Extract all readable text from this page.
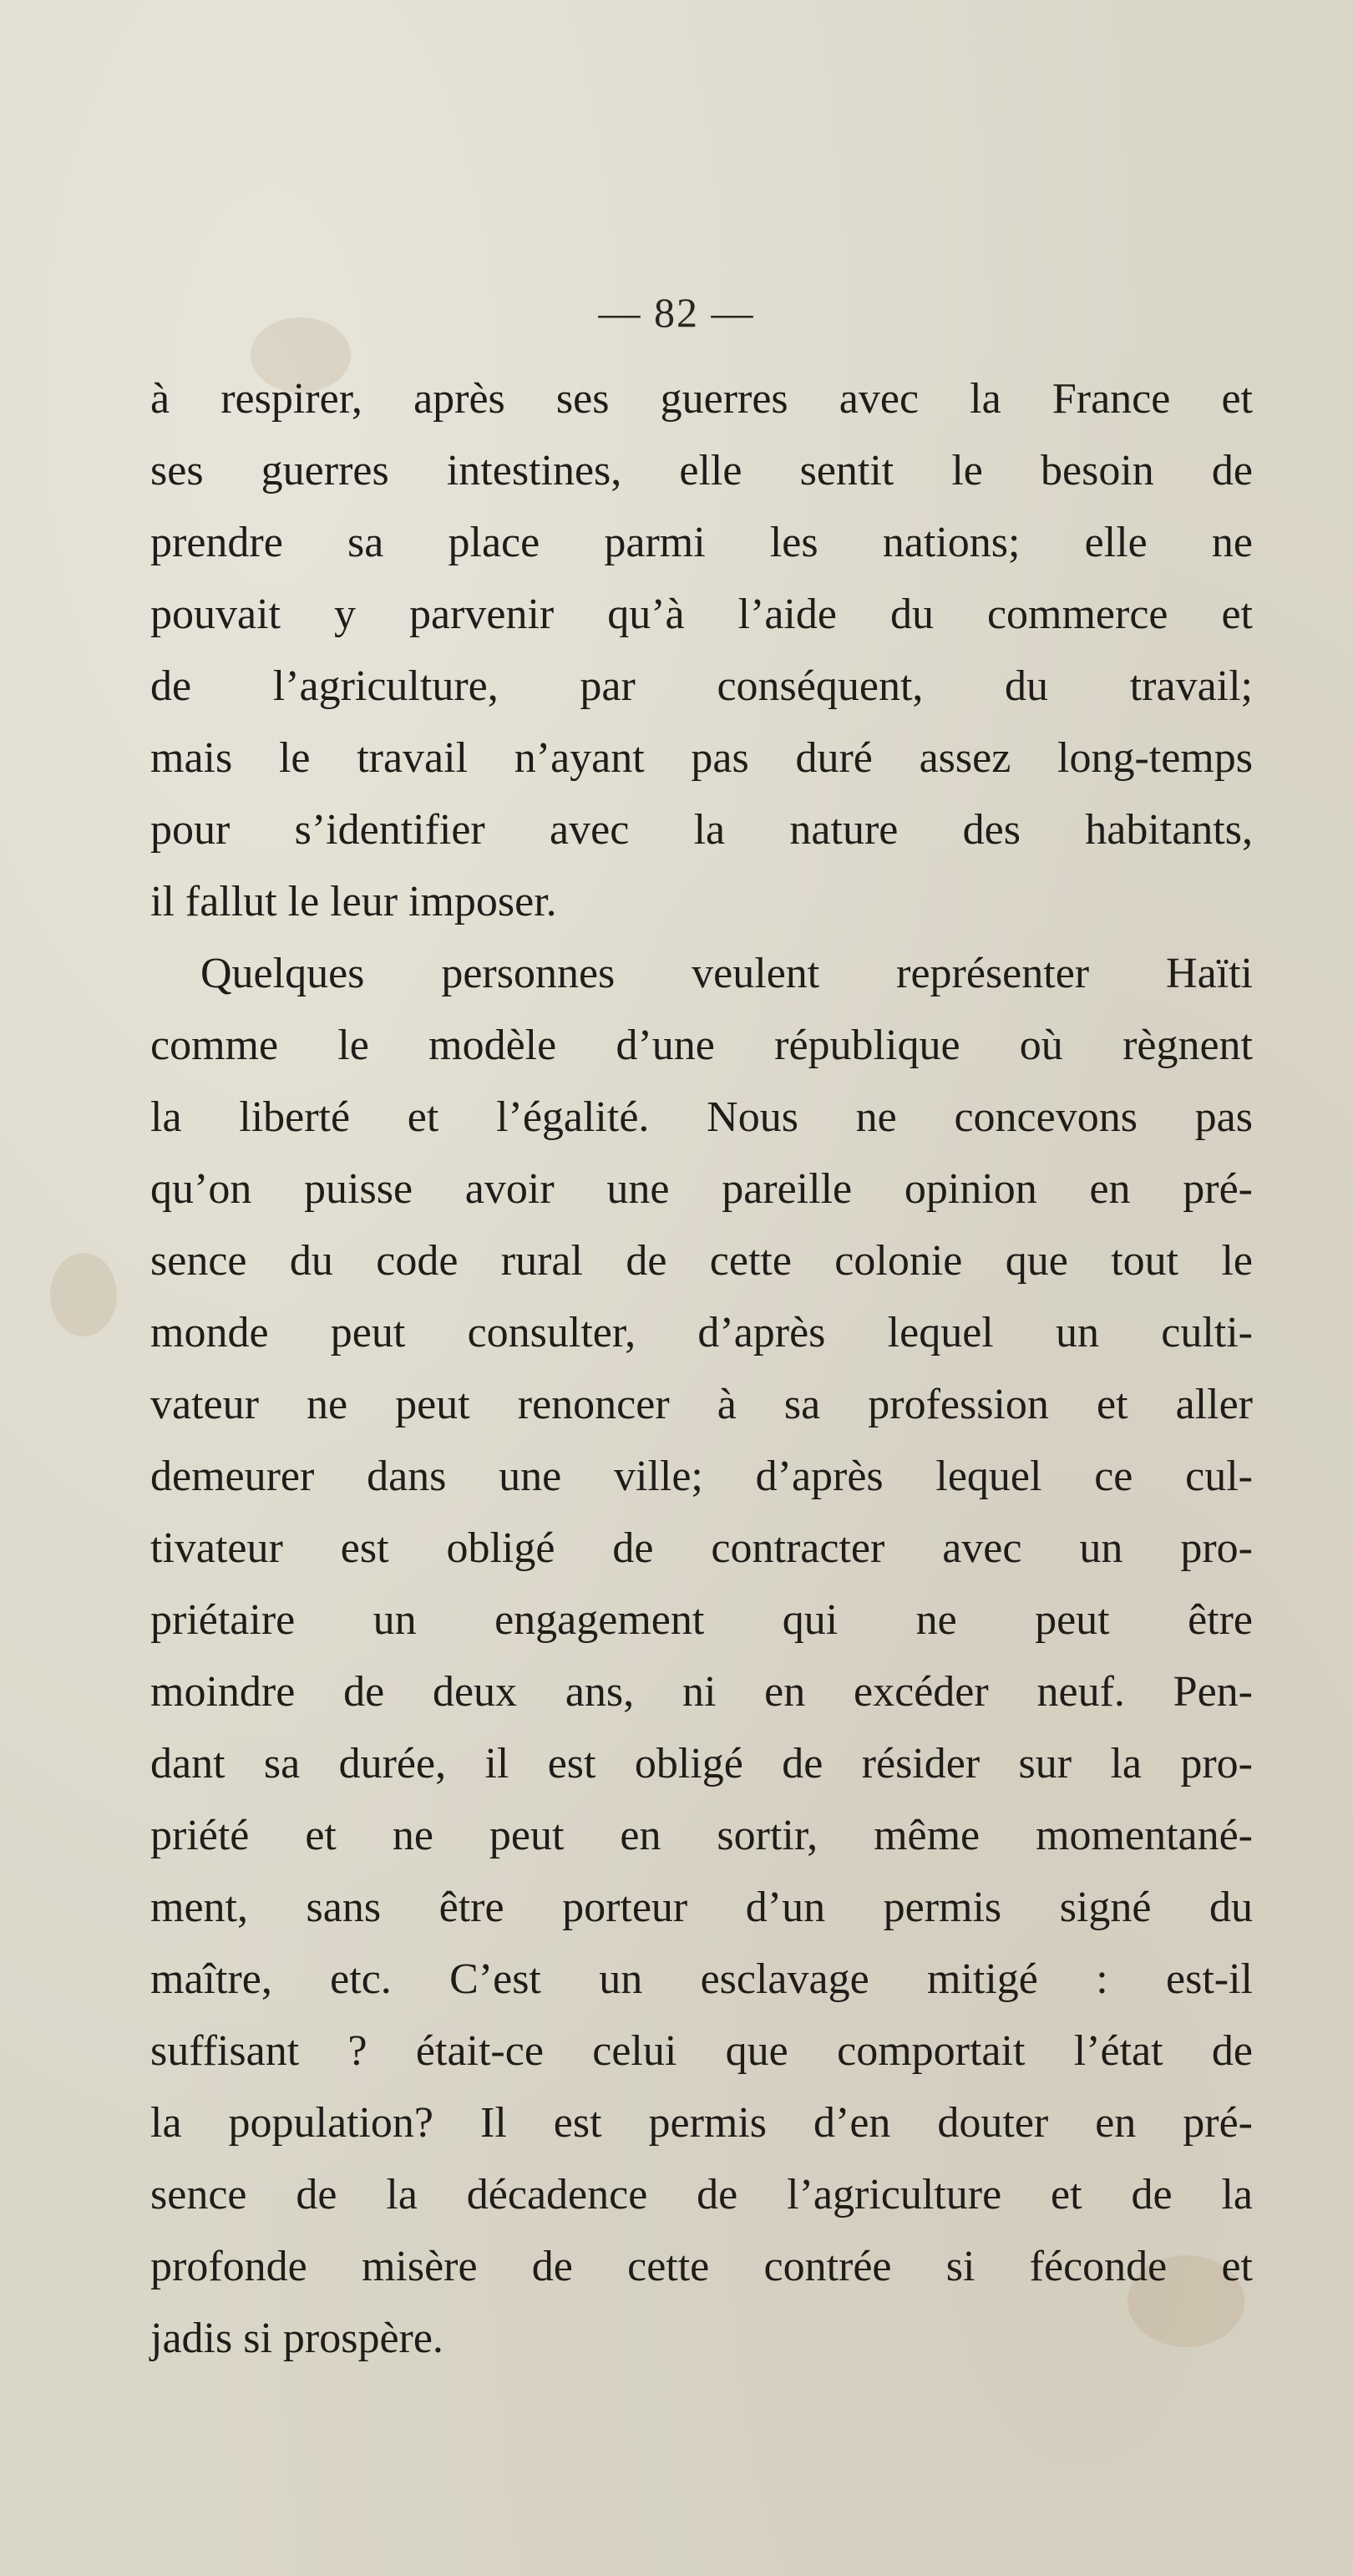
— 82 —
à respirer, après ses guerres avec la France et
ses guerres intestines, elle sentit le besoin de
prendre sa place parmi les nations; elle ne
pouvait y parvenir qu’à l’aide du commerce et
de l’agriculture, par conséquent, du travail;
mais le travail n’ayant pas duré assez long-temps
pour s’identifier avec la nature des habitants,
il fallut le leur imposer.
Quelques personnes veulent représenter Haïti
comme le modèle d’une république où règnent
la liberté et l’égalité. Nous ne concevons pas
qu’on puisse avoir une pareille opinion en pré-
sence du code rural de cette colonie que tout le
monde peut consulter, d’après lequel un culti-
vateur ne peut renoncer à sa profession et aller
demeurer dans une ville; d’après lequel ce cul-
tivateur est obligé de contracter avec un pro-
priétaire un engagement qui ne peut être
moindre de deux ans, ni en excéder neuf. Pen-
dant sa durée, il est obligé de résider sur la pro-
priété et ne peut en sortir, même momentané-
ment, sans être porteur d’un permis signé du
maître, etc. C’est un esclavage mitigé : est-il
suffisant ? était-ce celui que comportait l’état de
la population? Il est permis d’en douter en pré-
sence de la décadence de l’agriculture et de la
profonde misère de cette contrée si féconde et
jadis si prospère.
